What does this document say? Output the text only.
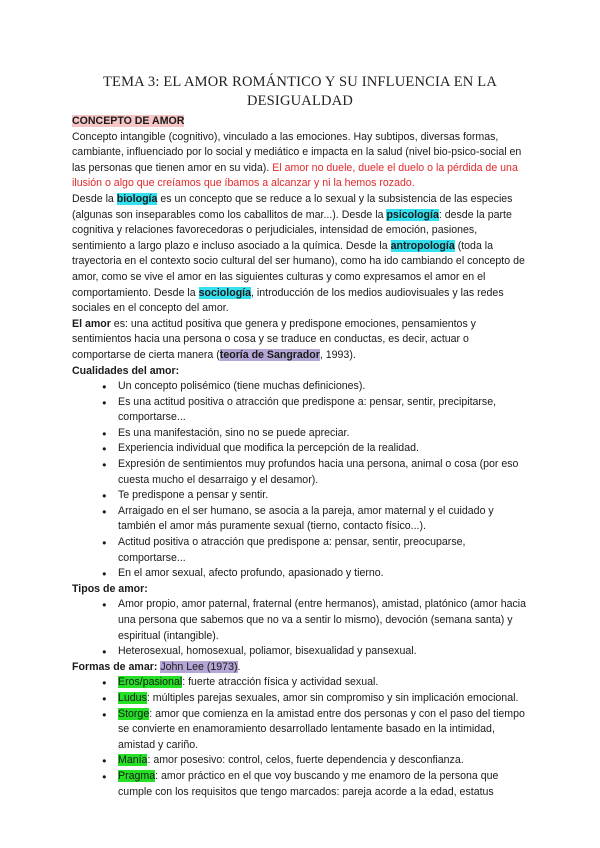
TEMA 3: EL AMOR ROMÁNTICO Y SU INFLUENCIA EN LA DESIGUALDAD

CONCEPTO DE AMOR

Concepto intangible (cognitivo), vinculado a las emociones. Hay subtipos, diversas formas, cambiante, influenciado por lo social y mediático e impacta en la salud (nivel bio-psico-social en las personas que tienen amor en su vida). El amor no duele, duele el duelo o la pérdida de una ilusión o algo que creíamos que íbamos a alcanzar y ni la hemos rozado.

Desde la biología es un concepto que se reduce a lo sexual y la subsistencia de las especies (algunas son inseparables como los caballitos de mar...). Desde la psicología: desde la parte cognitiva y relaciones favorecedoras o perjudiciales, intensidad de emoción, pasiones, sentimiento a largo plazo e incluso asociado a la química. Desde la antropología (toda la trayectoria en el contexto socio cultural del ser humano), como ha ido cambiando el concepto de amor, como se vive el amor en las siguientes culturas y como expresamos el amor en el comportamiento. Desde la sociología, introducción de los medios audiovisuales y las redes sociales en el concepto del amor.

El amor es: una actitud positiva que genera y predispone emociones, pensamientos y sentimientos hacia una persona o cosa y se traduce en conductas, es decir, actuar o comportarse de cierta manera (teoría de Sangrador, 1993).

Cualidades del amor:

● Un concepto polisémico (tiene muchas definiciones).
● Es una actitud positiva o atracción que predispone a: pensar, sentir, precipitarse, comportarse...
● Es una manifestación, sino no se puede apreciar.
● Experiencia individual que modifica la percepción de la realidad.
● Expresión de sentimientos muy profundos hacia una persona, animal o cosa (por eso cuesta mucho el desarraigo y el desamor).
● Te predispone a pensar y sentir.
● Arraigado en el ser humano, se asocia a la pareja, amor maternal y el cuidado y también el amor más puramente sexual (tierno, contacto físico...).
● Actitud positiva o atracción que predispone a: pensar, sentir, preocuparse, comportarse...
● En el amor sexual, afecto profundo, apasionado y tierno.

Tipos de amor:

● Amor propio, amor paternal, fraternal (entre hermanos), amistad, platónico (amor hacia una persona que sabemos que no va a sentir lo mismo), devoción (semana santa) y espiritual (intangible).
● Heterosexual, homosexual, poliamor, bisexualidad y pansexual.

Formas de amar: John Lee (1973).

● Eros/pasional: fuerte atracción física y actividad sexual.
● Ludus: múltiples parejas sexuales, amor sin compromiso y sin implicación emocional.
● Storge: amor que comienza en la amistad entre dos personas y con el paso del tiempo se convierte en enamoramiento desarrollado lentamente basado en la intimidad, amistad y cariño.
● Manía: amor posesivo: control, celos, fuerte dependencia y desconfianza.
● Pragma: amor práctico en el que voy buscando y me enamoro de la persona que cumple con los requisitos que tengo marcados: pareja acorde a la edad, estatus
